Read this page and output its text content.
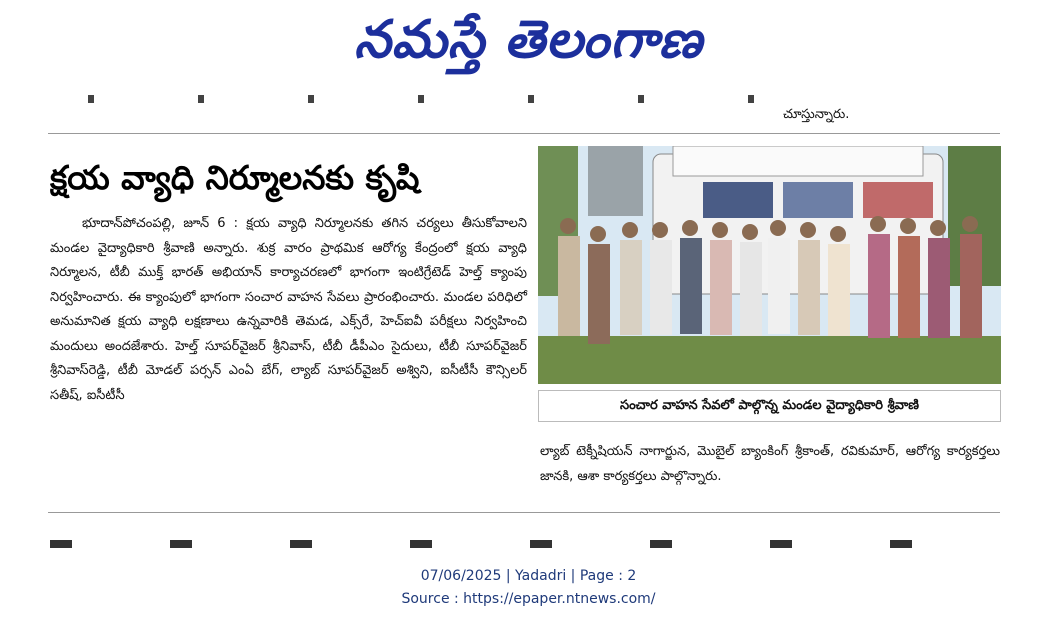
నమస్తే తెలంగాణ
చూస్తున్నారు.
క్షయ వ్యాధి నిర్మూలనకు కృషి

భూదాన్‌పోచంపల్లి, జూన్ 6 : క్షయ వ్యాధి నిర్మూలనకు తగిన చర్యలు తీసుకోవాలని మండల వైద్యాధికారి శ్రీవాణి అన్నారు. శుక్ర వారం ప్రాథమిక ఆరోగ్య కేంద్రంలో క్షయ వ్యాధి నిర్మూలన, టీబీ ముక్త్ భారత్ అభియాన్ కార్యాచరణలో భాగంగా ఇంటిగ్రేటెడ్ హెల్త్ క్యాంపు నిర్వహించారు. ఈ క్యాంపులో భాగంగా సంచార వాహన సేవలు ప్రారంభించారు. మండల పరిధిలో అనుమానిత క్షయ వ్యాధి లక్షణాలు ఉన్నవారికి తెమడ, ఎక్స్‌రే, హెచ్ఐవీ పరీక్షలు నిర్వహించి మందులు అందజేశారు. హెల్త్ సూపర్‌వైజర్ శ్రీనివాస్, టీబీ డీపీఎం సైదులు, టీబీ సూపర్‌వైజర్ శ్రీనివాస్‌రెడ్డి, టీబీ మోడల్ పర్సన్ ఎంఏ బేగ్, ల్యాబ్ సూపర్‌వైజర్ అశ్విని, ఐసీటీసీ కౌన్సిలర్ సతీష్, ఐసీటీసీ

సంచార వాహన సేవలో పాల్గొన్న మండల వైద్యాధికారి శ్రీవాణి

ల్యాబ్ టెక్నీషియన్ నాగార్జున, మొబైల్ బ్యాంకింగ్ శ్రీకాంత్, రవికుమార్, ఆరోగ్య కార్యకర్తలు జానకి, ఆశా కార్యకర్తలు పాల్గొన్నారు.

07/06/2025 | Yadadri | Page : 2
Source : https://epaper.ntnews.com/
